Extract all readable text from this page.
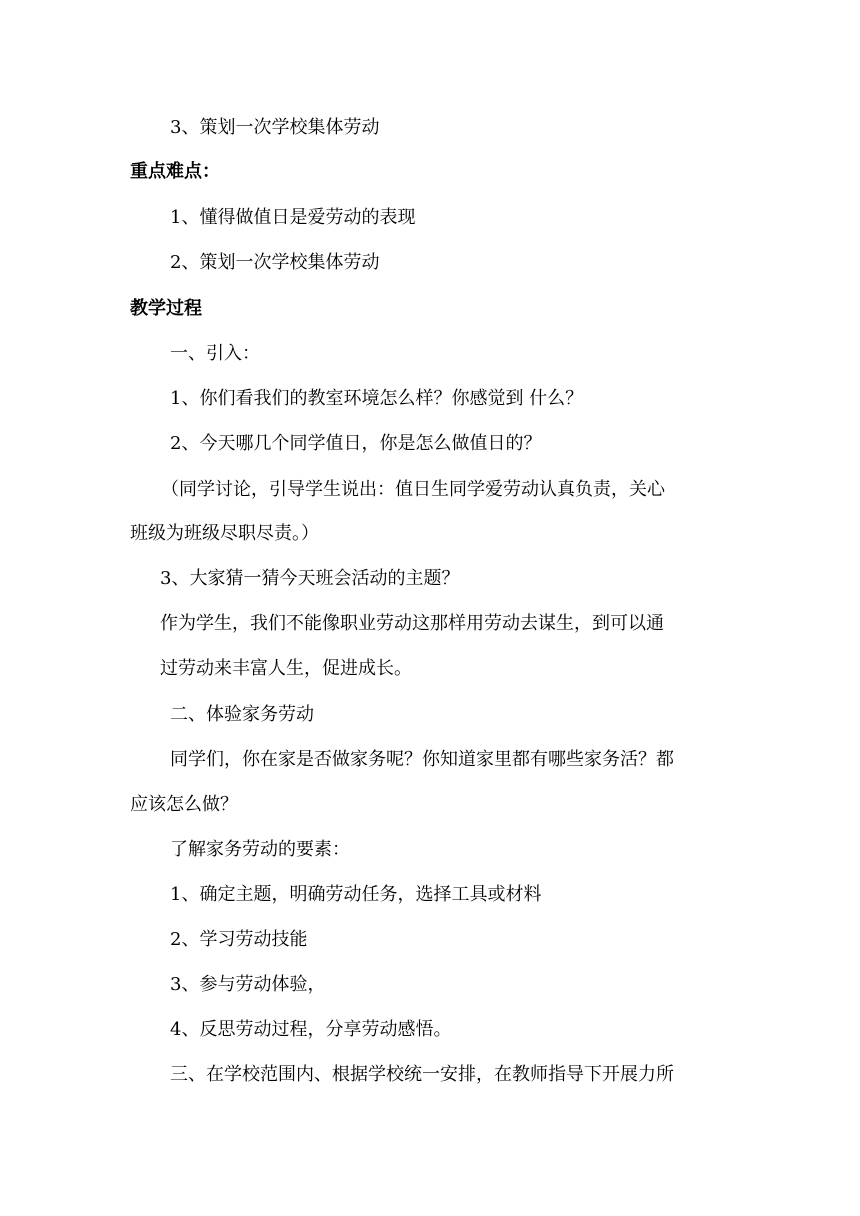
3、策划一次学校集体劳动
重点难点：
1、懂得做值日是爱劳动的表现
2、策划一次学校集体劳动
教学过程
一、引入：
1、你们看我们的教室环境怎么样？你感觉到 什么？
2、今天哪几个同学值日，你是怎么做值日的？
（同学讨论，引导学生说出：值日生同学爱劳动认真负责，关心
班级为班级尽职尽责。）
3、大家猜一猜今天班会活动的主题？
作为学生，我们不能像职业劳动这那样用劳动去谋生，到可以通
过劳动来丰富人生，促进成长。
二、体验家务劳动
同学们，你在家是否做家务呢？你知道家里都有哪些家务活？都
应该怎么做？
了解家务劳动的要素：
1、确定主题，明确劳动任务，选择工具或材料
2、学习劳动技能
3、参与劳动体验，
4、反思劳动过程，分享劳动感悟。
三、在学校范围内、根据学校统一安排，在教师指导下开展力所
